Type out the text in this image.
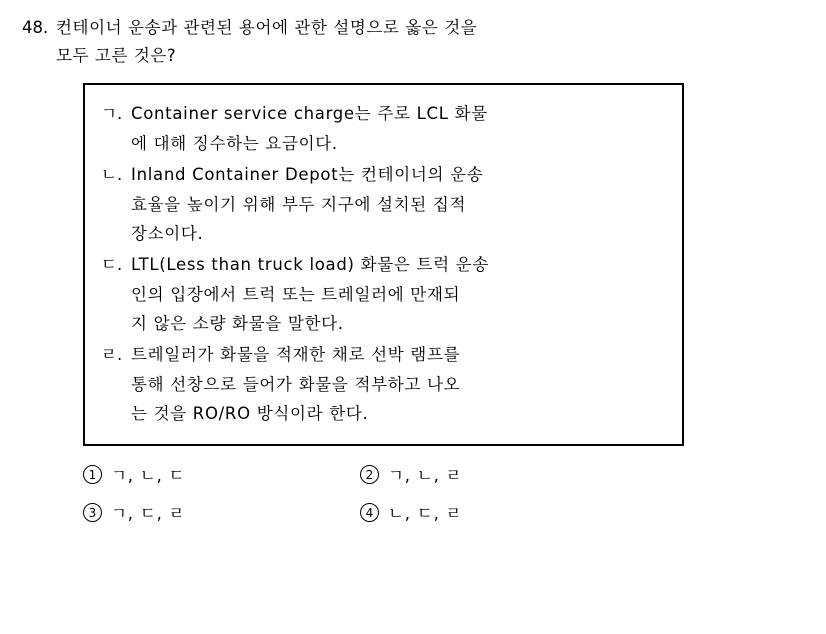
48. 컨테이너 운송과 관련된 용어에 관한 설명으로 옳은 것을
모두 고른 것은?
ㄱ. Container service charge는 주로 LCL 화물
에 대해 징수하는 요금이다.
ㄴ. Inland Container Depot는 컨테이너의 운송
효율을 높이기 위해 부두 지구에 설치된 집적
장소이다.
ㄷ. LTL(Less than truck load) 화물은 트럭 운송
인의 입장에서 트럭 또는 트레일러에 만재되
지 않은 소량 화물을 말한다.
ㄹ. 트레일러가 화물을 적재한 채로 선박 램프를
통해 선창으로 들어가 화물을 적부하고 나오
는 것을 RO/RO 방식이라 한다.
1 ㄱ, ㄴ, ㄷ	2 ㄱ, ㄴ, ㄹ
3 ㄱ, ㄷ, ㄹ	4 ㄴ, ㄷ, ㄹ
